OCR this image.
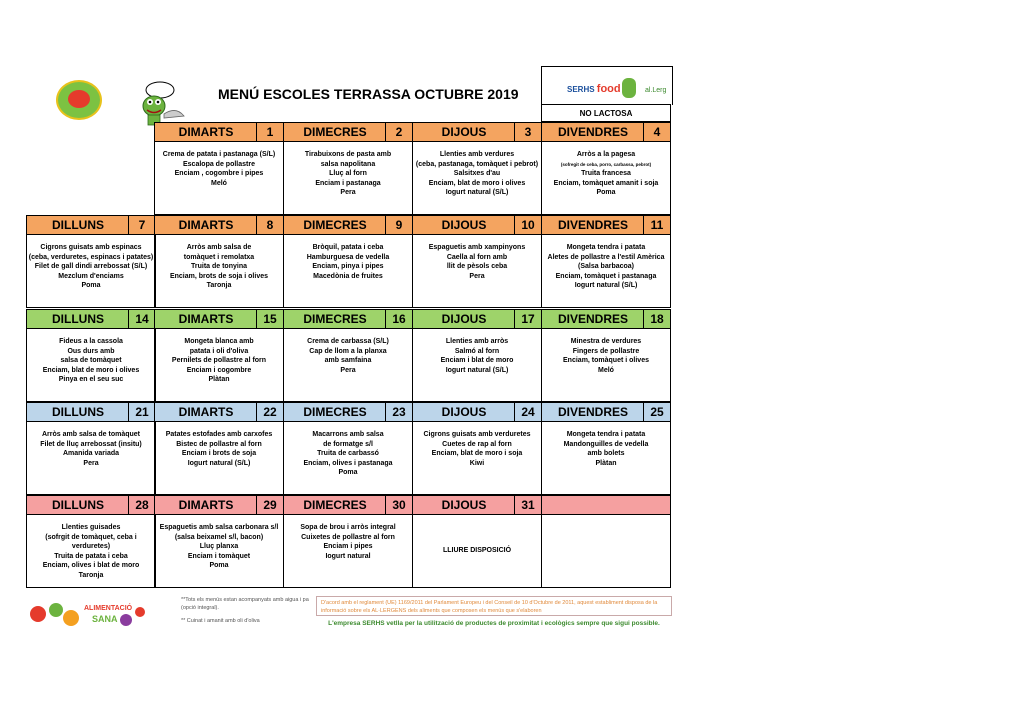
MENÚ ESCOLES TERRASSA OCTUBRE 2019	SERHS food	al.Lerg
NO LACTOSA
DIMARTS	1
Crema de patata i pastanaga (S/L)
Escalopa de pollastre
Enciam , cogombre i pipes
Meló
DIMECRES	2
Tirabuixons de pasta amb
salsa napolitana
Lluç al forn
Enciam i pastanaga
Pera
DIJOUS	3
Llenties amb verdures
(ceba, pastanaga, tomàquet i pebrot)
Salsitxes d'au
Enciam, blat de moro i olives
Iogurt natural (S/L)
DIVENDRES	4
Arròs a la pagesa
(sofregit de ceba, porro, carbassa, pebrot)
Truita francesa
Enciam, tomàquet amanit i soja
Poma
DILLUNS	7
Cigrons guisats amb espinacs
(ceba, verduretes, espinacs i patates)
Filet de gall dindi arrebossat (S/L)
Mezclum d'enciams
Poma
DIMARTS	8
Arròs amb salsa de
tomàquet i remolatxa
Truita de tonyina
Enciam, brots de soja i olives
Taronja
DIMECRES	9
Bròquil, patata i ceba
Hamburguesa de vedella
Enciam, pinya i pipes
Macedònia de fruites
DIJOUS	10
Espaguetis amb xampinyons
Caella al forn amb
llit de pèsols ceba
Pera
DIVENDRES	11
Mongeta tendra i patata
Aletes de pollastre a l'estil Amèrica
(Salsa barbacoa)
Enciam, tomàquet i pastanaga
Iogurt natural (S/L)
DILLUNS	14
Fideus a la cassola
Ous durs amb
salsa de tomàquet
Enciam, blat de moro i olives
Pinya en el seu suc
DIMARTS	15
Mongeta blanca amb
patata i oli d'oliva
Pernilets de pollastre al forn
Enciam i cogombre
Plàtan
DIMECRES	16
Crema de carbassa (S/L)
Cap de llom a la planxa
amb samfaina
Pera
DIJOUS	17
Llenties amb arròs
Salmó al forn
Enciam i blat de moro
Iogurt natural (S/L)
DIVENDRES	18
Minestra de verdures
Fingers de pollastre
Enciam, tomàquet i olives
Meló
DILLUNS	21
Arròs amb salsa de tomàquet
Filet de lluç arrebossat (insitu)
Amanida variada
Pera
DIMARTS	22
Patates estofades amb carxofes
Bistec de pollastre al forn
Enciam i brots de soja
Iogurt natural (S/L)
DIMECRES	23
Macarrons amb salsa
de formatge s/l
Truita de carbassó
Enciam, olives i pastanaga
Poma
DIJOUS	24
Cigrons guisats amb verduretes
Cuetes de rap al forn
Enciam, blat de moro i soja
Kiwi
DIVENDRES	25
Mongeta tendra i patata
Mandonguilles de vedella
amb bolets
Plàtan
DILLUNS	28
Llenties guisades
(sofrgit de tomàquet, ceba i
verduretes)
Truita de patata i ceba
Enciam, olives i blat de moro
Taronja
DIMARTS	29
Espaguetis amb salsa carbonara s/l
(salsa beixamel s/l, bacon)
Lluç planxa
Enciam i tomàquet
Poma
DIMECRES	30
Sopa de brou i arròs integral
Cuixetes de pollastre al forn
Enciam i pipes
Iogurt natural
DIJOUS	31
LLIURE DISPOSICIÓ
ALIMENTACIÓ
SANA
**Tots els menús estan acompanyats amb aigua i pa (opció integral).
** Cuinat i amanit amb oli d'oliva
D'acord amb el reglament (UE) 1169/2011 del Parlament Europeu i del Conseil de 10 d'Octubre de 2011, aquest establiment disposa de la informació sobre els AL·LERGENS dels aliments que composen els menús que s'elaboren
L'empresa SERHS vetlla per la utilització de productes de proximitat i ecològics sempre que sigui possible.
